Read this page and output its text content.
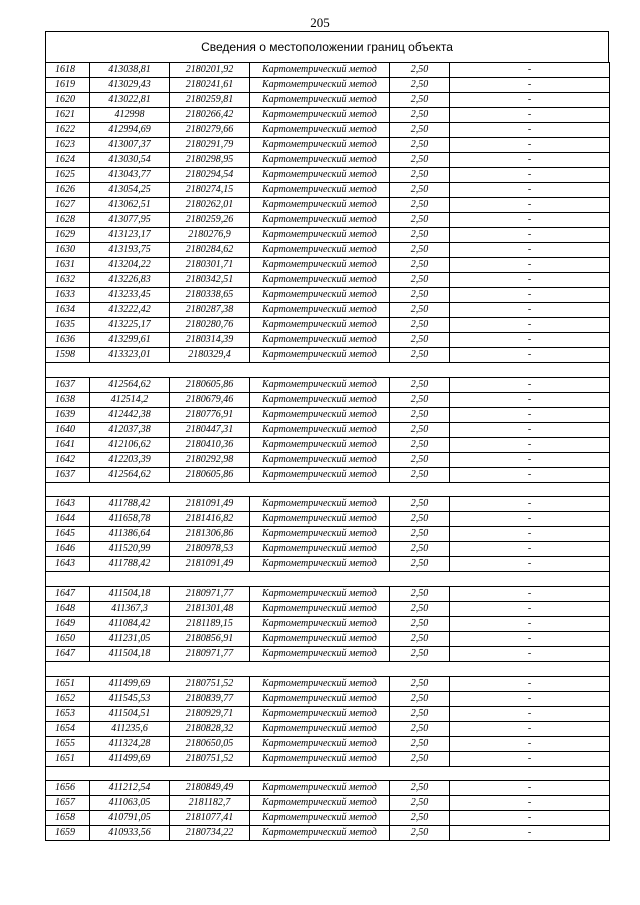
205
Сведения о местоположении границ объекта
1618	413038,81	2180201,92	Картометрический метод	2,50	-
1619	413029,43	2180241,61	Картометрический метод	2,50	-
1620	413022,81	2180259,81	Картометрический метод	2,50	-
1621	412998	2180266,42	Картометрический метод	2,50	-
1622	412994,69	2180279,66	Картометрический метод	2,50	-
1623	413007,37	2180291,79	Картометрический метод	2,50	-
1624	413030,54	2180298,95	Картометрический метод	2,50	-
1625	413043,77	2180294,54	Картометрический метод	2,50	-
1626	413054,25	2180274,15	Картометрический метод	2,50	-
1627	413062,51	2180262,01	Картометрический метод	2,50	-
1628	413077,95	2180259,26	Картометрический метод	2,50	-
1629	413123,17	2180276,9	Картометрический метод	2,50	-
1630	413193,75	2180284,62	Картометрический метод	2,50	-
1631	413204,22	2180301,71	Картометрический метод	2,50	-
1632	413226,83	2180342,51	Картометрический метод	2,50	-
1633	413233,45	2180338,65	Картометрический метод	2,50	-
1634	413222,42	2180287,38	Картометрический метод	2,50	-
1635	413225,17	2180280,76	Картометрический метод	2,50	-
1636	413299,61	2180314,39	Картометрический метод	2,50	-
1598	413323,01	2180329,4	Картометрический метод	2,50	-

1637	412564,62	2180605,86	Картометрический метод	2,50	-
1638	412514,2	2180679,46	Картометрический метод	2,50	-
1639	412442,38	2180776,91	Картометрический метод	2,50	-
1640	412037,38	2180447,31	Картометрический метод	2,50	-
1641	412106,62	2180410,36	Картометрический метод	2,50	-
1642	412203,39	2180292,98	Картометрический метод	2,50	-
1637	412564,62	2180605,86	Картометрический метод	2,50	-

1643	411788,42	2181091,49	Картометрический метод	2,50	-
1644	411658,78	2181416,82	Картометрический метод	2,50	-
1645	411386,64	2181306,86	Картометрический метод	2,50	-
1646	411520,99	2180978,53	Картометрический метод	2,50	-
1643	411788,42	2181091,49	Картометрический метод	2,50	-

1647	411504,18	2180971,77	Картометрический метод	2,50	-
1648	411367,3	2181301,48	Картометрический метод	2,50	-
1649	411084,42	2181189,15	Картометрический метод	2,50	-
1650	411231,05	2180856,91	Картометрический метод	2,50	-
1647	411504,18	2180971,77	Картометрический метод	2,50	-

1651	411499,69	2180751,52	Картометрический метод	2,50	-
1652	411545,53	2180839,77	Картометрический метод	2,50	-
1653	411504,51	2180929,71	Картометрический метод	2,50	-
1654	411235,6	2180828,32	Картометрический метод	2,50	-
1655	411324,28	2180650,05	Картометрический метод	2,50	-
1651	411499,69	2180751,52	Картометрический метод	2,50	-

1656	411212,54	2180849,49	Картометрический метод	2,50	-
1657	411063,05	2181182,7	Картометрический метод	2,50	-
1658	410791,05	2181077,41	Картометрический метод	2,50	-
1659	410933,56	2180734,22	Картометрический метод	2,50	-
